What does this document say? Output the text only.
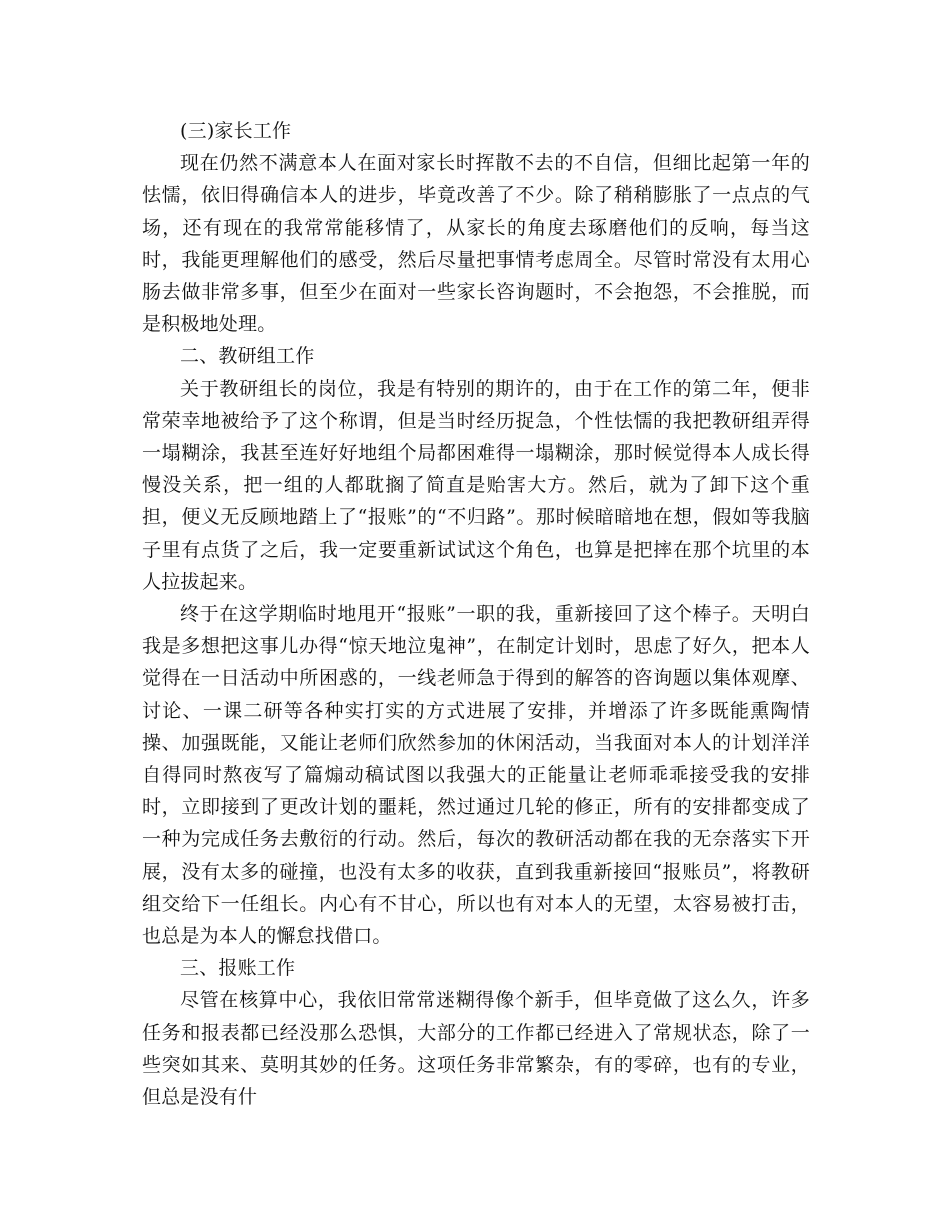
(三)家长工作

现在仍然不满意本人在面对家长时挥散不去的不自信，但细比起第一年的怯懦，依旧得确信本人的进步，毕竟改善了不少。除了稍稍膨胀了一点点的气场，还有现在的我常常能移情了，从家长的角度去琢磨他们的反响，每当这时，我能更理解他们的感受，然后尽量把事情考虑周全。尽管时常没有太用心肠去做非常多事，但至少在面对一些家长咨询题时，不会抱怨，不会推脱，而是积极地处理。

二、教研组工作

关于教研组长的岗位，我是有特别的期许的，由于在工作的第二年，便非常荣幸地被给予了这个称谓，但是当时经历捉急，个性怯懦的我把教研组弄得一塌糊涂，我甚至连好好地组个局都困难得一塌糊涂，那时候觉得本人成长得慢没关系，把一组的人都耽搁了简直是贻害大方。然后，就为了卸下这个重担，便义无反顾地踏上了“报账”的“不归路”。那时候暗暗地在想，假如等我脑子里有点货了之后，我一定要重新试试这个角色，也算是把摔在那个坑里的本人拉拔起来。

终于在这学期临时地甩开“报账”一职的我，重新接回了这个棒子。天明白我是多想把这事儿办得“惊天地泣鬼神”，在制定计划时，思虑了好久，把本人觉得在一日活动中所困惑的，一线老师急于得到的解答的咨询题以集体观摩、讨论、一课二研等各种实打实的方式进展了安排，并增添了许多既能熏陶情操、加强既能，又能让老师们欣然参加的休闲活动，当我面对本人的计划洋洋自得同时熬夜写了篇煽动稿试图以我强大的正能量让老师乖乖接受我的安排时，立即接到了更改计划的噩耗，然过通过几轮的修正，所有的安排都变成了一种为完成任务去敷衍的行动。然后，每次的教研活动都在我的无奈落实下开展，没有太多的碰撞，也没有太多的收获，直到我重新接回“报账员”，将教研组交给下一任组长。内心有不甘心，所以也有对本人的无望，太容易被打击，也总是为本人的懈怠找借口。

三、报账工作

尽管在核算中心，我依旧常常迷糊得像个新手，但毕竟做了这么久，许多任务和报表都已经没那么恐惧，大部分的工作都已经进入了常规状态，除了一些突如其来、莫明其妙的任务。这项任务非常繁杂，有的零碎，也有的专业，但总是没有什
